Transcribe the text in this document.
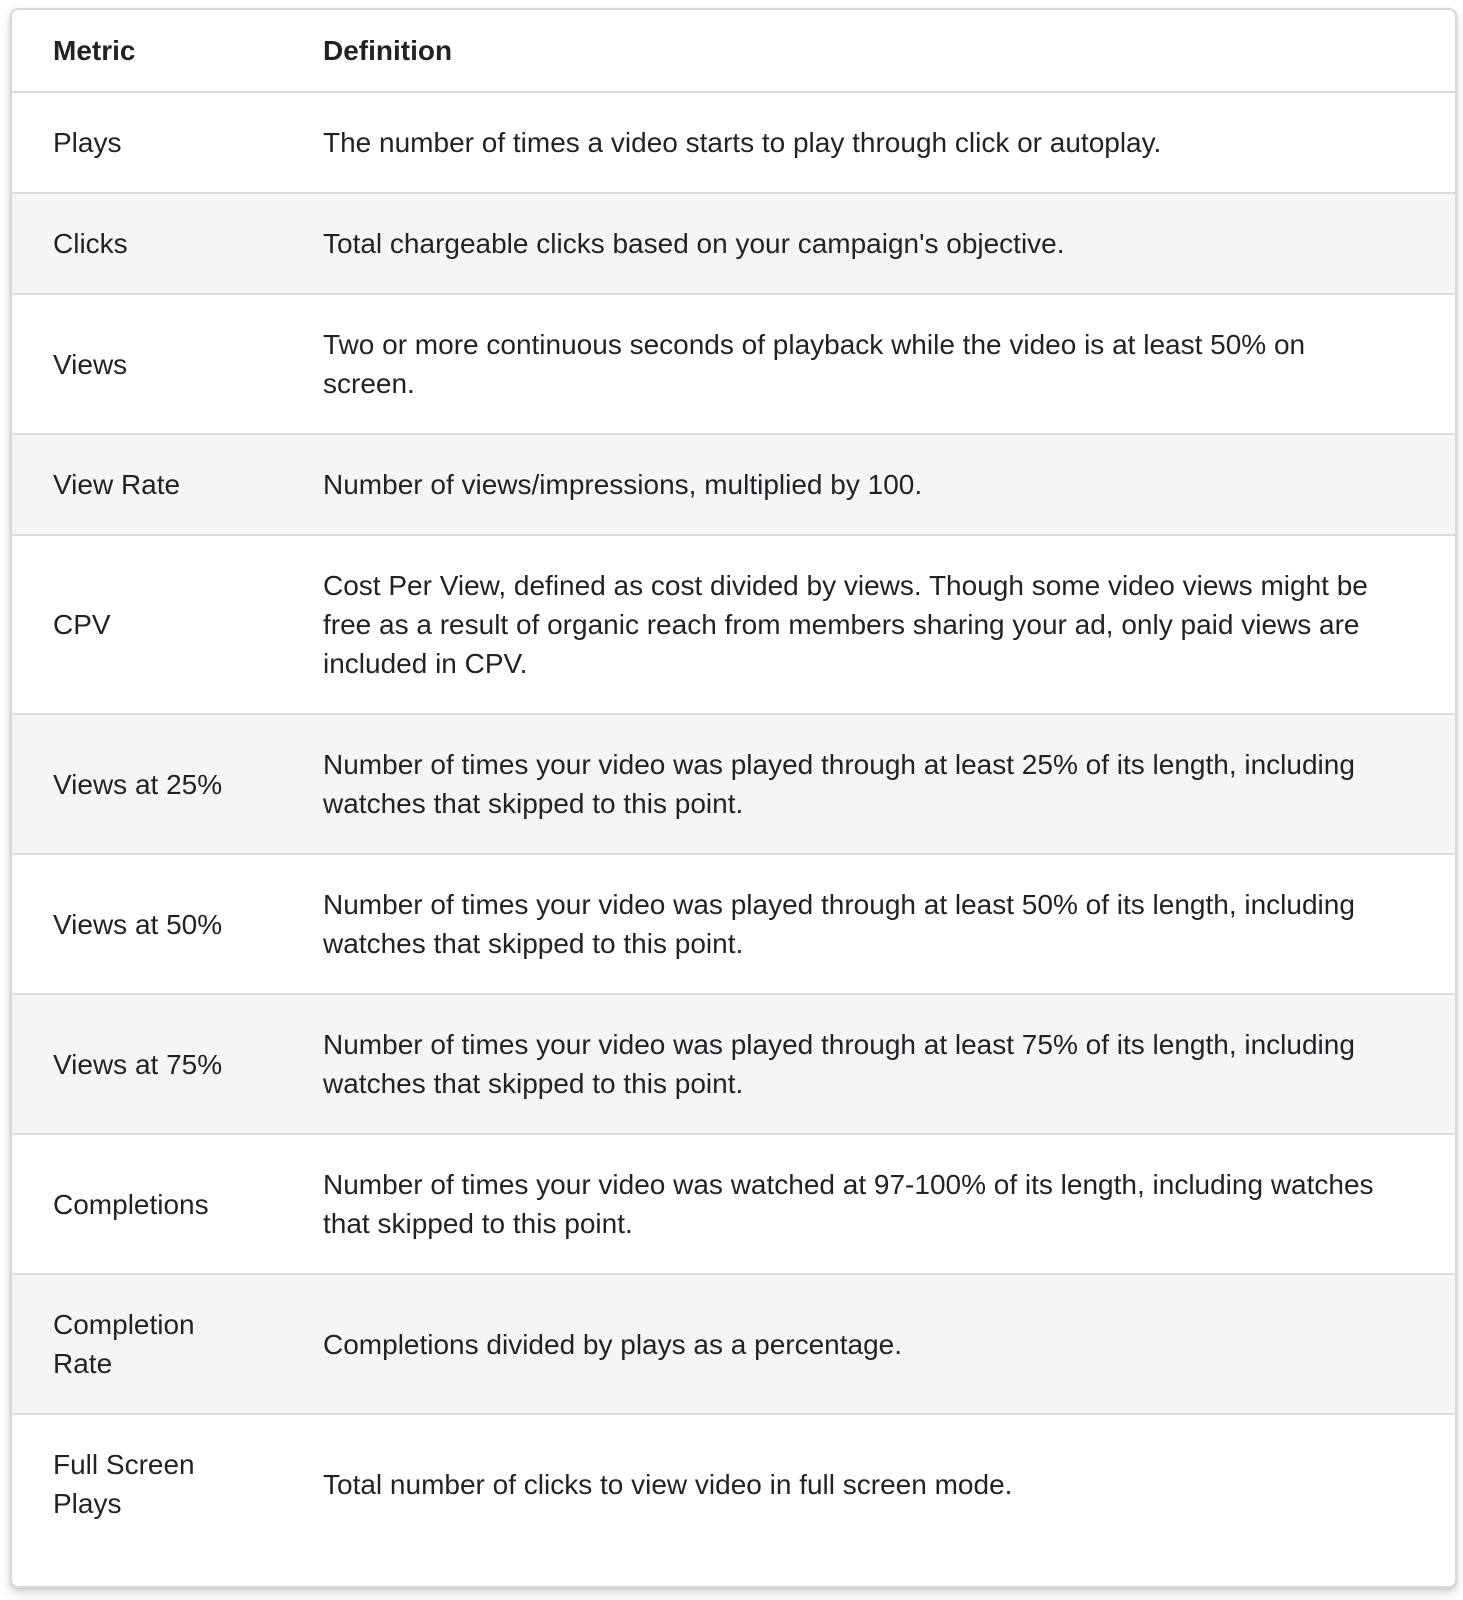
Metric	Definition
Plays	The number of times a video starts to play through click or autoplay.
Clicks	Total chargeable clicks based on your campaign's objective.
Views	Two or more continuous seconds of playback while the video is at least 50% on screen.
View Rate	Number of views/impressions, multiplied by 100.
CPV	Cost Per View, defined as cost divided by views. Though some video views might be free as a result of organic reach from members sharing your ad, only paid views are included in CPV.
Views at 25%	Number of times your video was played through at least 25% of its length, including watches that skipped to this point.
Views at 50%	Number of times your video was played through at least 50% of its length, including watches that skipped to this point.
Views at 75%	Number of times your video was played through at least 75% of its length, including watches that skipped to this point.
Completions	Number of times your video was watched at 97-100% of its length, including watches that skipped to this point.
Completion Rate	Completions divided by plays as a percentage.
Full Screen Plays	Total number of clicks to view video in full screen mode.
